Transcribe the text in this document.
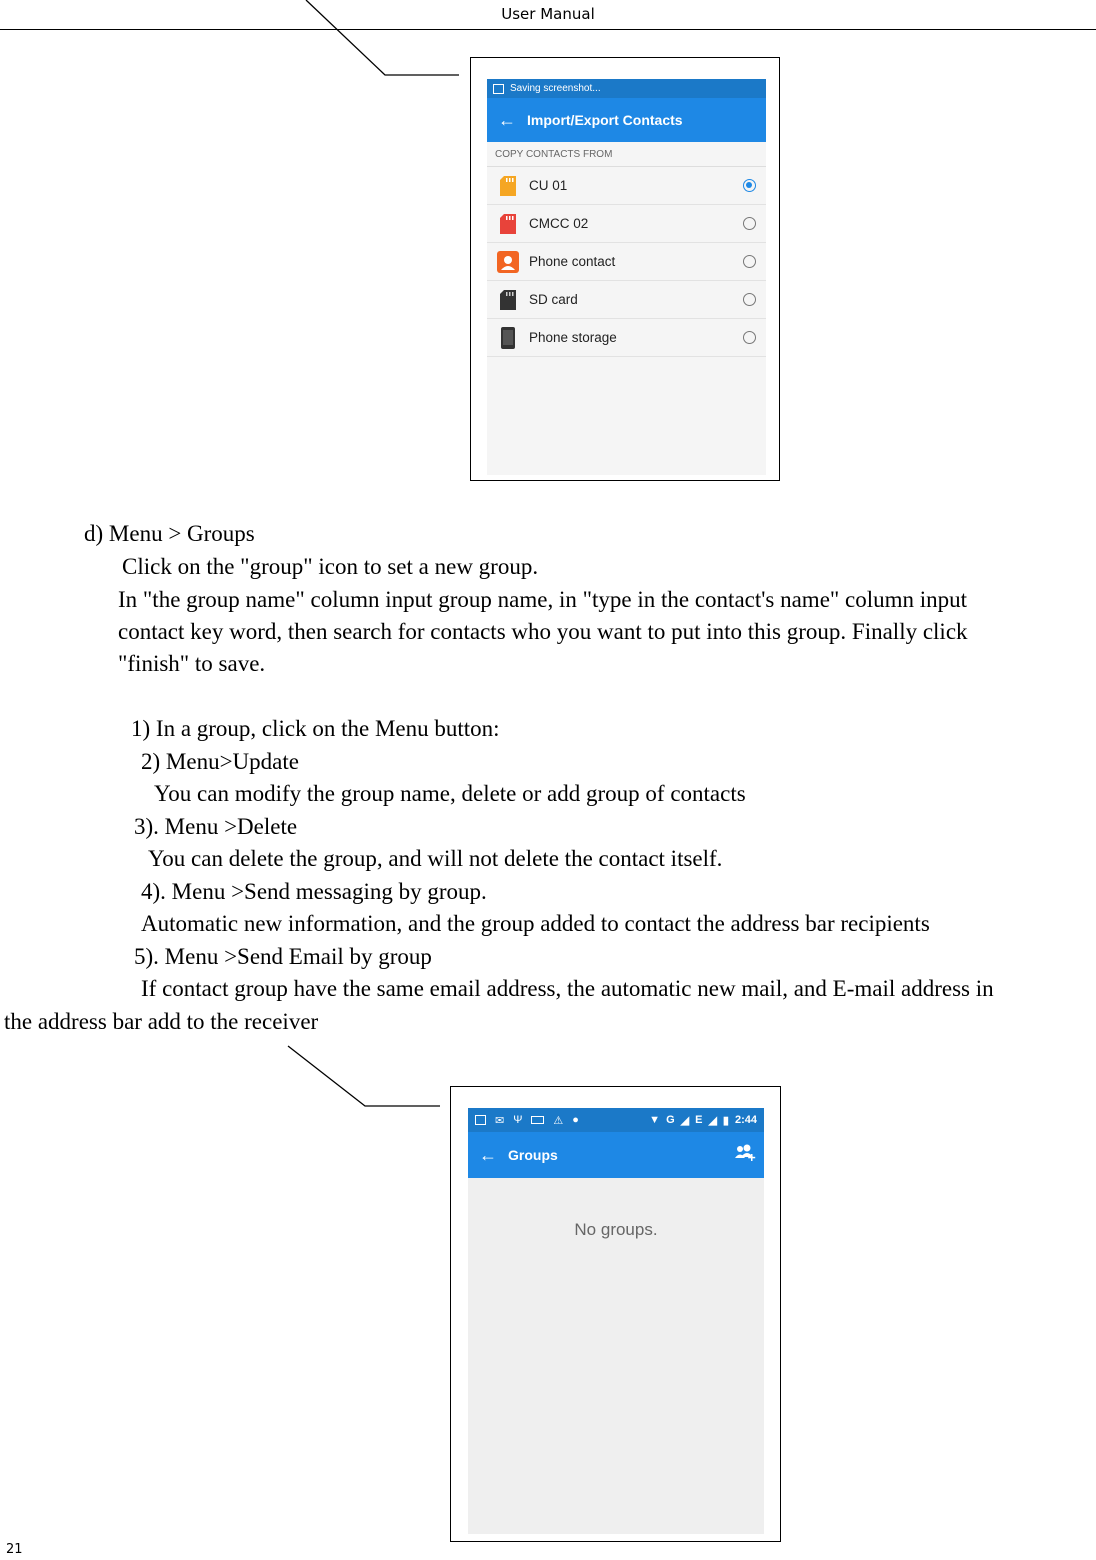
User Manual
Saving screenshot...
← Import/Export Contacts
COPY CONTACTS FROM
CU 01
CMCC 02
Phone contact
SD card
Phone storage
d) Menu > Groups
Click on the "group" icon to set a new group.
In "the group name" column input group name, in "type in the contact's name" column input
contact key word, then search for contacts who you want to put into this group. Finally click
"finish" to save.
1) In a group, click on the Menu button:
2) Menu>Update
You can modify the group name, delete or add group of contacts
3). Menu >Delete
You can delete the group, and will not delete the contact itself.
4). Menu >Send messaging by group.
Automatic new information, and the group added to contact the address bar recipients
5). Menu >Send Email by group
If contact group have the same email address, the automatic new mail, and E-mail address in
the address bar add to the receiver
✉ Ψ	⚠ ●	▼ G ◢ E ◢ ▮ 2:44
← Groups
No groups.
21
